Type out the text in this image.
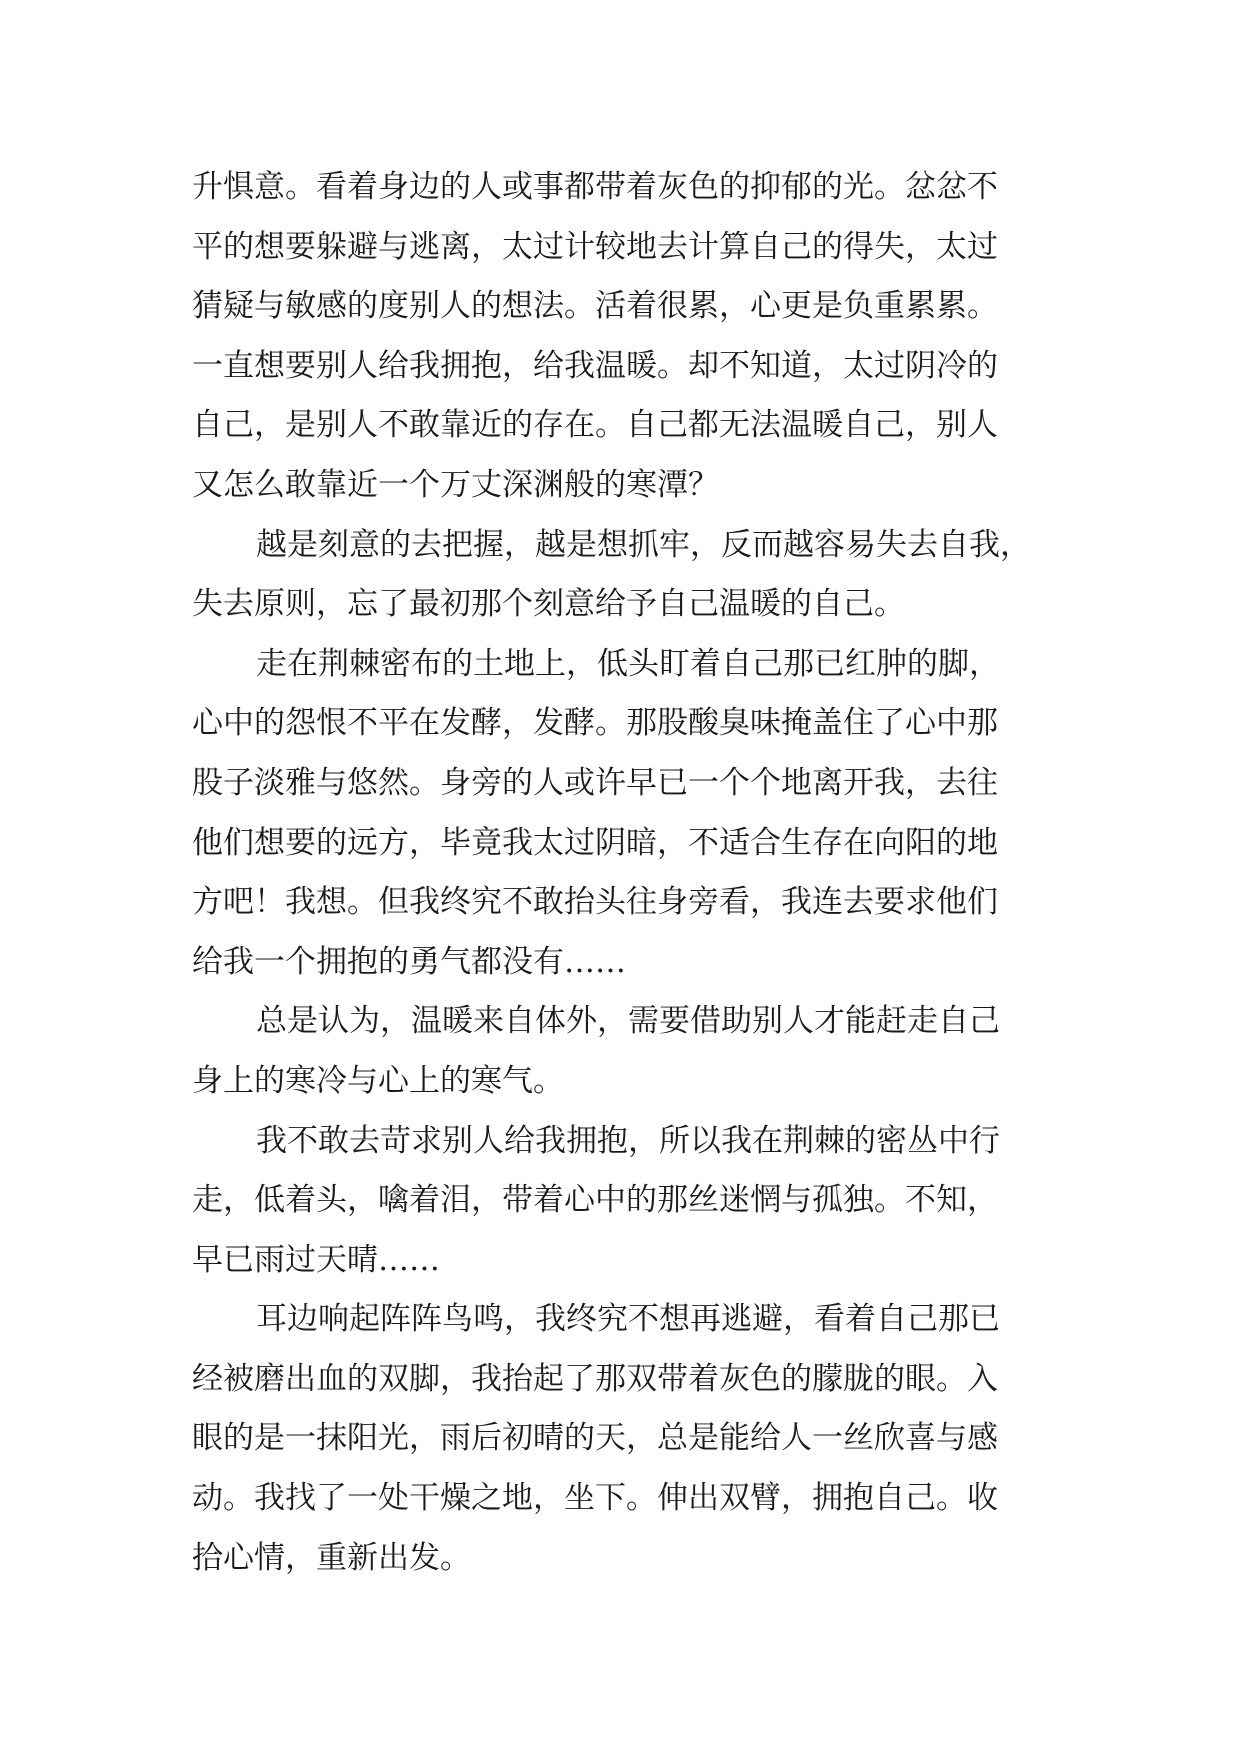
升惧意。看着身边的人或事都带着灰色的抑郁的光。忿忿不
平的想要躲避与逃离，太过计较地去计算自己的得失，太过
猜疑与敏感的度别人的想法。活着很累，心更是负重累累。
一直想要别人给我拥抱，给我温暖。却不知道，太过阴冷的
自己，是别人不敢靠近的存在。自己都无法温暖自己，别人
又怎么敢靠近一个万丈深渊般的寒潭？
越是刻意的去把握，越是想抓牢，反而越容易失去自我，
失去原则，忘了最初那个刻意给予自己温暖的自己。
走在荆棘密布的土地上，低头盯着自己那已红肿的脚，
心中的怨恨不平在发酵，发酵。那股酸臭味掩盖住了心中那
股子淡雅与悠然。身旁的人或许早已一个个地离开我，去往
他们想要的远方，毕竟我太过阴暗，不适合生存在向阳的地
方吧！我想。但我终究不敢抬头往身旁看，我连去要求他们
给我一个拥抱的勇气都没有……
总是认为，温暖来自体外，需要借助别人才能赶走自己
身上的寒冷与心上的寒气。
我不敢去苛求别人给我拥抱，所以我在荆棘的密丛中行
走，低着头，噙着泪，带着心中的那丝迷惘与孤独。不知，
早已雨过天晴……
耳边响起阵阵鸟鸣，我终究不想再逃避，看着自己那已
经被磨出血的双脚，我抬起了那双带着灰色的朦胧的眼。入
眼的是一抹阳光，雨后初晴的天，总是能给人一丝欣喜与感
动。我找了一处干燥之地，坐下。伸出双臂，拥抱自己。收
拾心情，重新出发。
